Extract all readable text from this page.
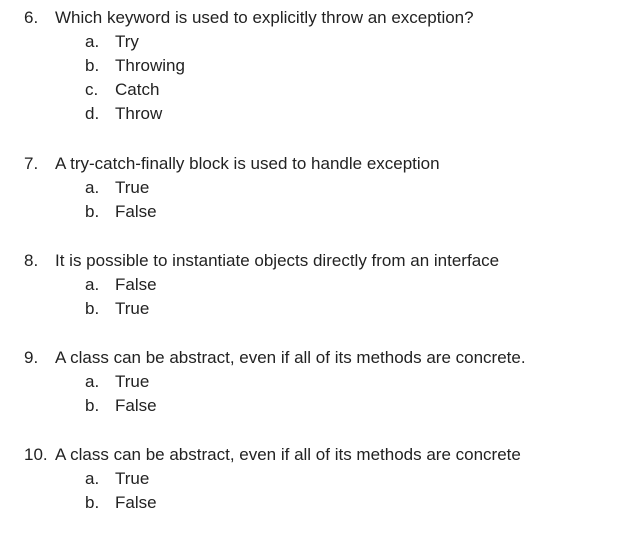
6. Which keyword is used to explicitly throw an exception?
a. Try
b. Throwing
c. Catch
d. Throw
7. A try-catch-finally block is used to handle exception
a. True
b. False
8. It is possible to instantiate objects directly from an interface
a. False
b. True
9. A class can be abstract, even if all of its methods are concrete.
a. True
b. False
10. A class can be abstract, even if all of its methods are concrete
a. True
b. False
